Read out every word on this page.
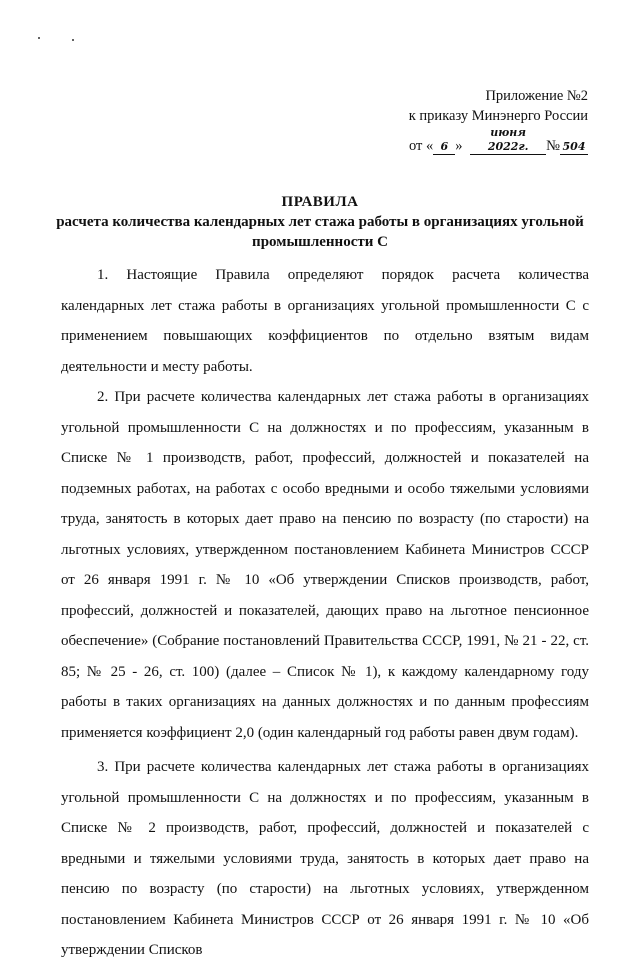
Приложение №2
к приказу Минэнерго России
от « 6 » июня 2022г. № 504
ПРАВИЛА
расчета количества календарных лет стажа работы в организациях угольной промышленности С

1. Настоящие Правила определяют порядок расчета количества календарных лет стажа работы в организациях угольной промышленности С с применением повышающих коэффициентов по отдельно взятым видам деятельности и месту работы.

2. При расчете количества календарных лет стажа работы в организациях угольной промышленности С на должностях и по профессиям, указанным в Списке № 1 производств, работ, профессий, должностей и показателей на подземных работах, на работах с особо вредными и особо тяжелыми условиями труда, занятость в которых дает право на пенсию по возрасту (по старости) на льготных условиях, утвержденном постановлением Кабинета Министров СССР от 26 января 1991 г. № 10 «Об утверждении Списков производств, работ, профессий, должностей и показателей, дающих право на льготное пенсионное обеспечение» (Собрание постановлений Правительства СССР, 1991, № 21 - 22, ст. 85; № 25 - 26, ст. 100) (далее – Список № 1), к каждому календарному году работы в таких организациях на данных должностях и по данным профессиям применяется коэффициент 2,0 (один календарный год работы равен двум годам).

3. При расчете количества календарных лет стажа работы в организациях угольной промышленности С на должностях и по профессиям, указанным в Списке № 2 производств, работ, профессий, должностей и показателей с вредными и тяжелыми условиями труда, занятость в которых дает право на пенсию по возрасту (по старости) на льготных условиях, утвержденном постановлением Кабинета Министров СССР от 26 января 1991 г. № 10 «Об утверждении Списков
